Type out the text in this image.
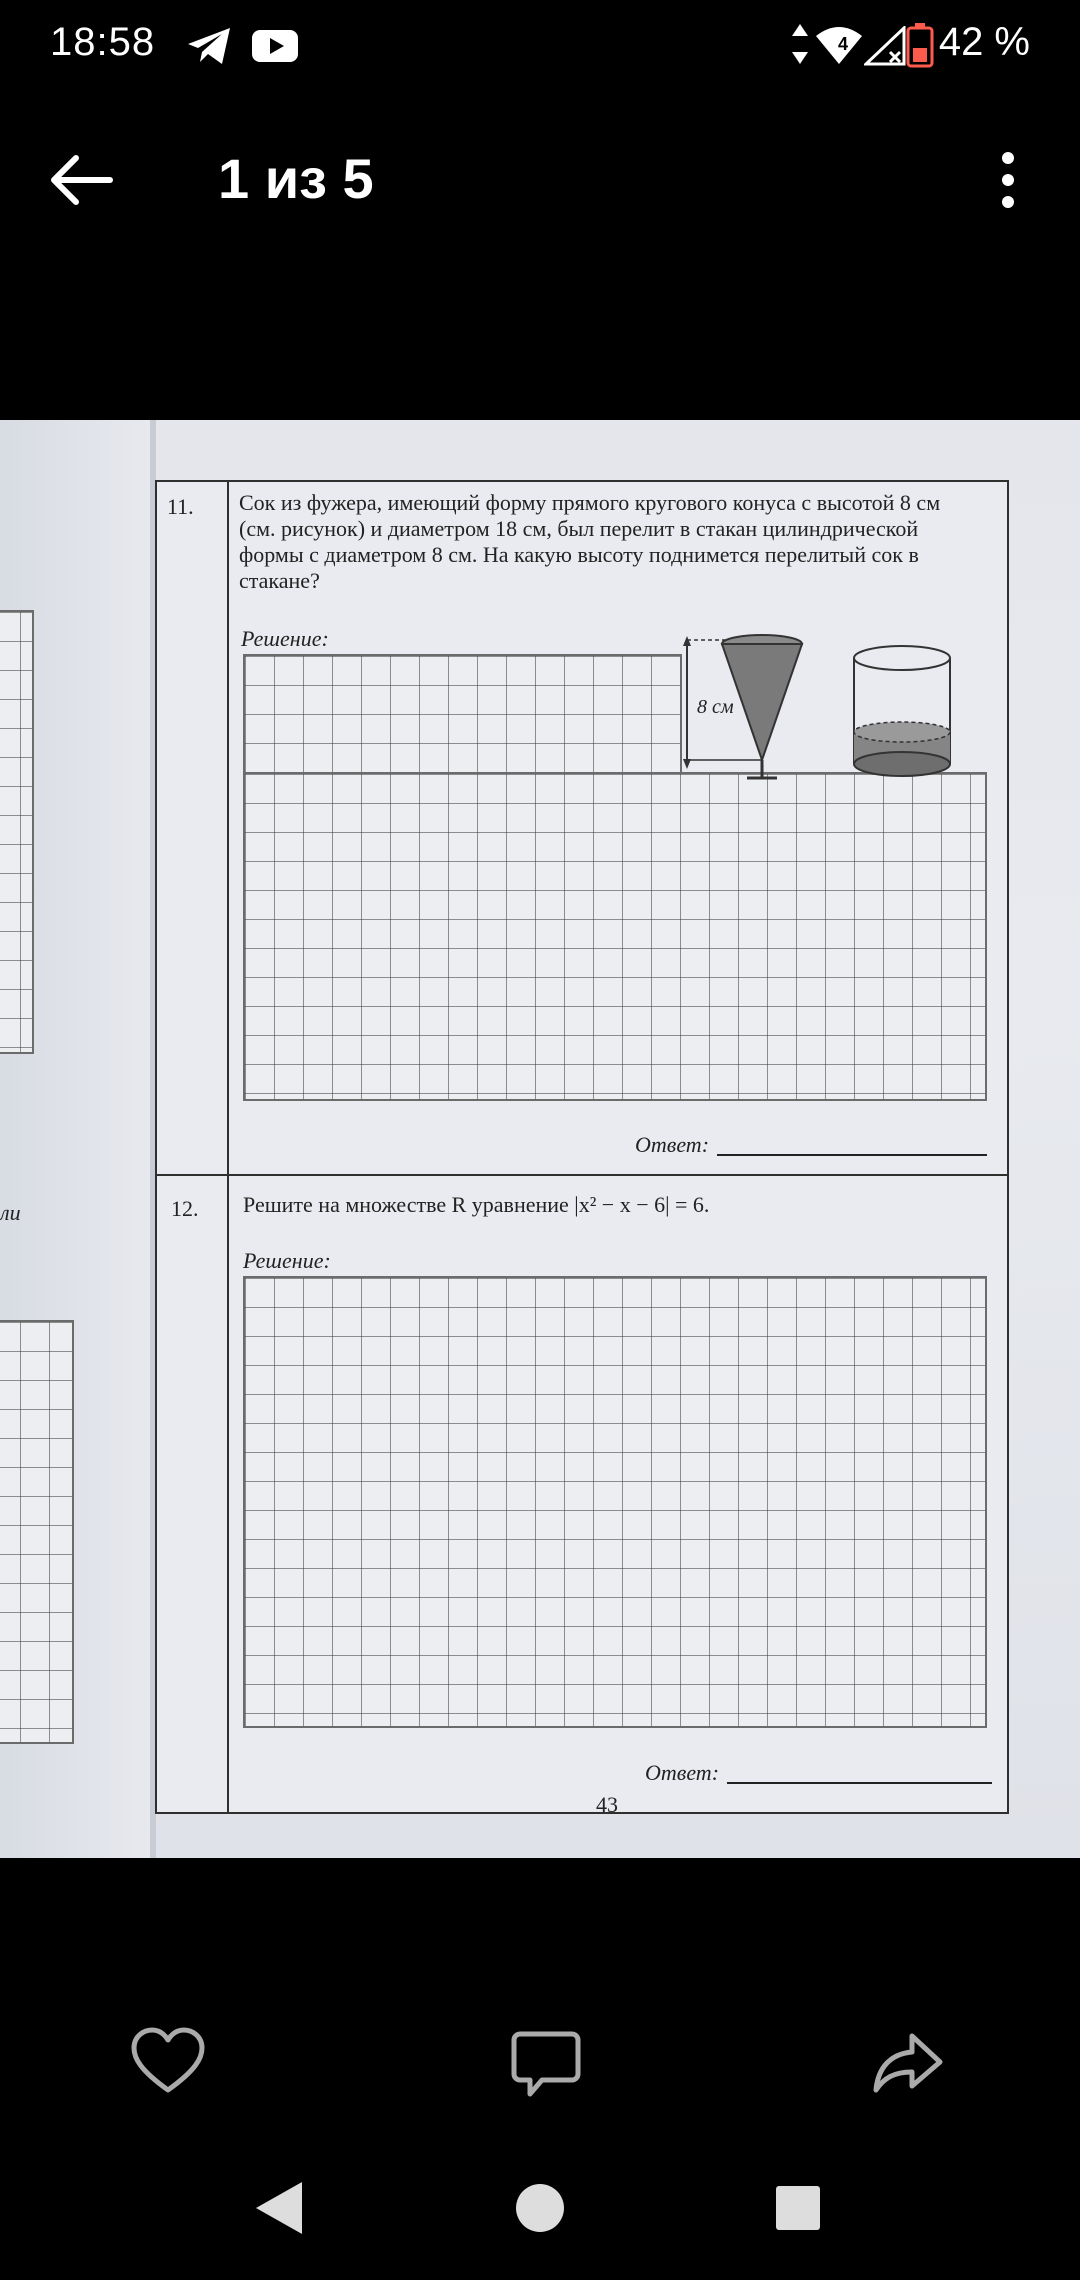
18:58	4 42 %
1 из 5
ли
11. Сок из фужера, имеющий форму прямого кругового конуса с высотой 8 см (см. рисунок) и диаметром 18 см, был перелит в стакан цилиндрической формы с диаметром 8 см. На какую высоту поднимется перелитый сок в стакане?
Решение:
8 см
Ответ:
12. Решите на множестве R уравнение |x² − x − 6| = 6.
Решение:
Ответ:
43
